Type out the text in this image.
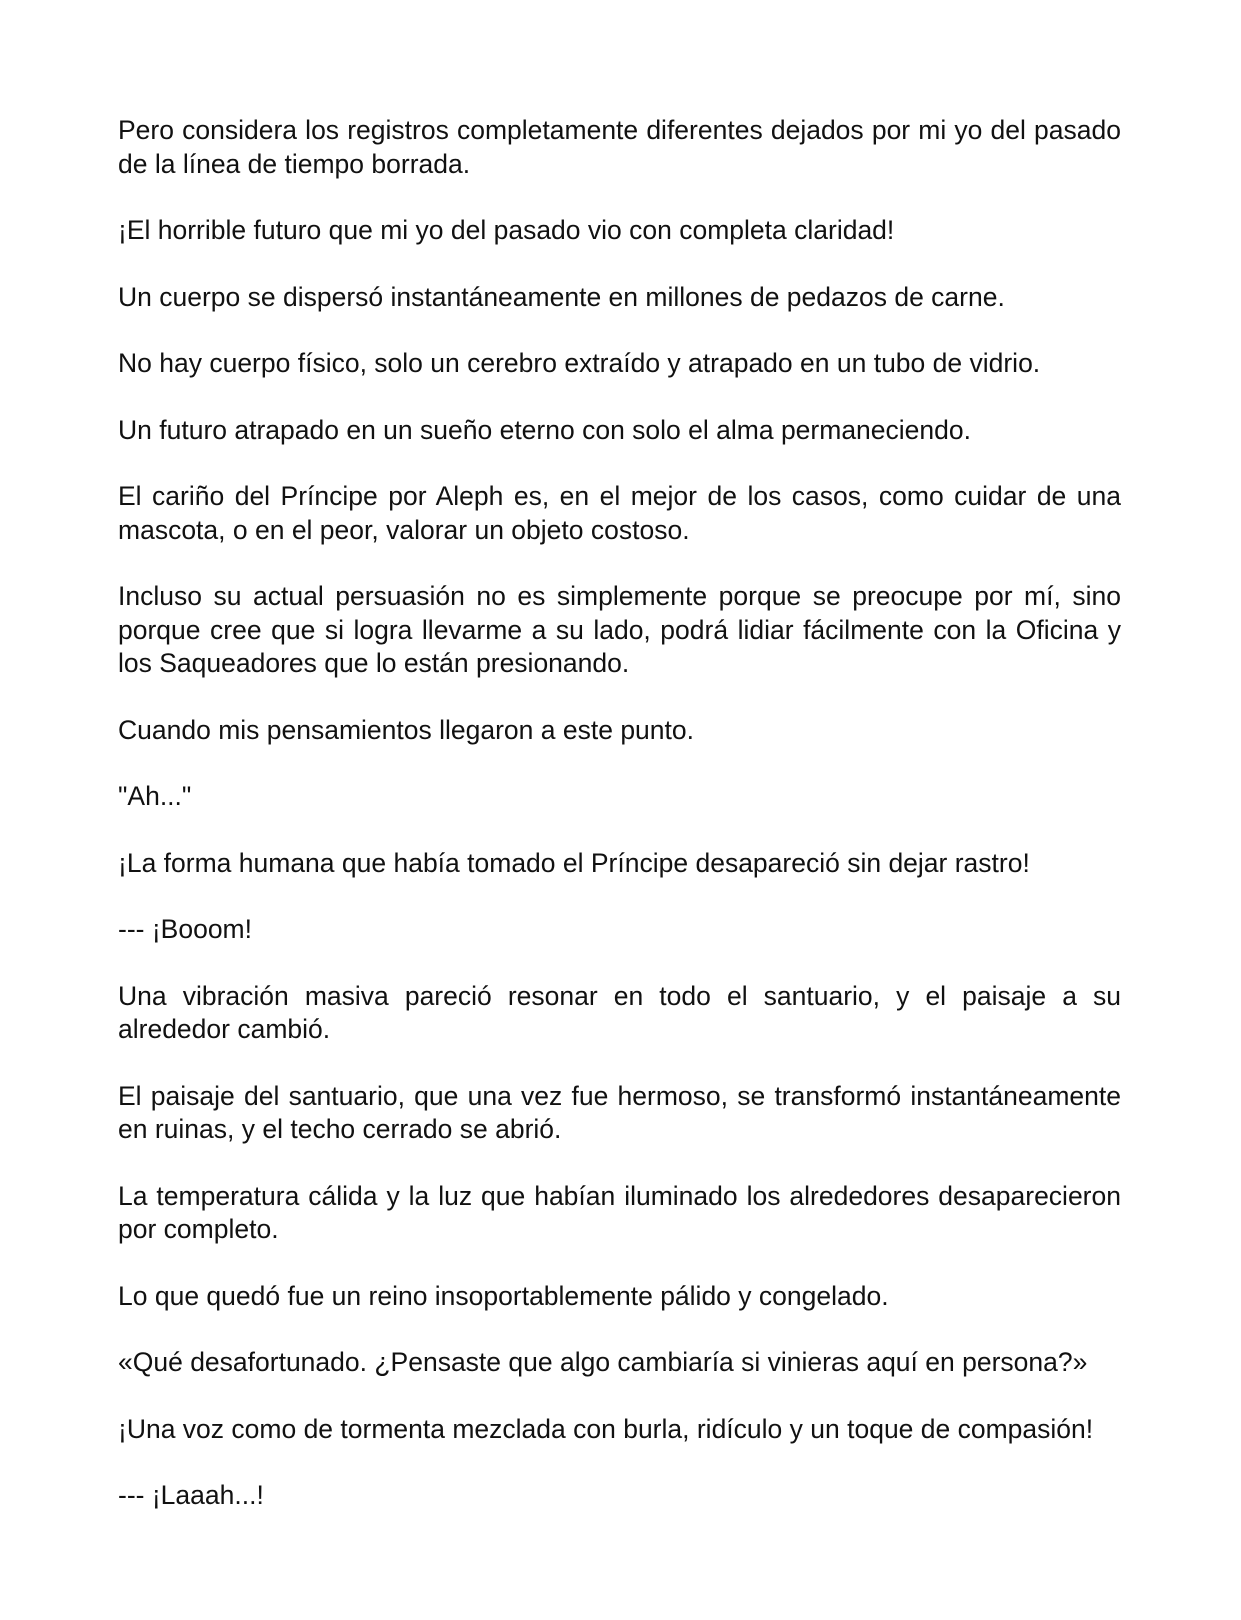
Pero considera los registros completamente diferentes dejados por mi yo del pasado de la línea de tiempo borrada.

¡El horrible futuro que mi yo del pasado vio con completa claridad!

Un cuerpo se dispersó instantáneamente en millones de pedazos de carne.

No hay cuerpo físico, solo un cerebro extraído y atrapado en un tubo de vidrio.

Un futuro atrapado en un sueño eterno con solo el alma permaneciendo.

El cariño del Príncipe por Aleph es, en el mejor de los casos, como cuidar de una mascota, o en el peor, valorar un objeto costoso.

Incluso su actual persuasión no es simplemente porque se preocupe por mí, sino porque cree que si logra llevarme a su lado, podrá lidiar fácilmente con la Oficina y los Saqueadores que lo están presionando.

Cuando mis pensamientos llegaron a este punto.

"Ah..."

¡La forma humana que había tomado el Príncipe desapareció sin dejar rastro!

--- ¡Booom!

Una vibración masiva pareció resonar en todo el santuario, y el paisaje a su alrededor cambió.

El paisaje del santuario, que una vez fue hermoso, se transformó instantáneamente en ruinas, y el techo cerrado se abrió.

La temperatura cálida y la luz que habían iluminado los alrededores desaparecieron por completo.

Lo que quedó fue un reino insoportablemente pálido y congelado.

«Qué desafortunado. ¿Pensaste que algo cambiaría si vinieras aquí en persona?»

¡Una voz como de tormenta mezclada con burla, ridículo y un toque de compasión!

--- ¡Laaah...!
